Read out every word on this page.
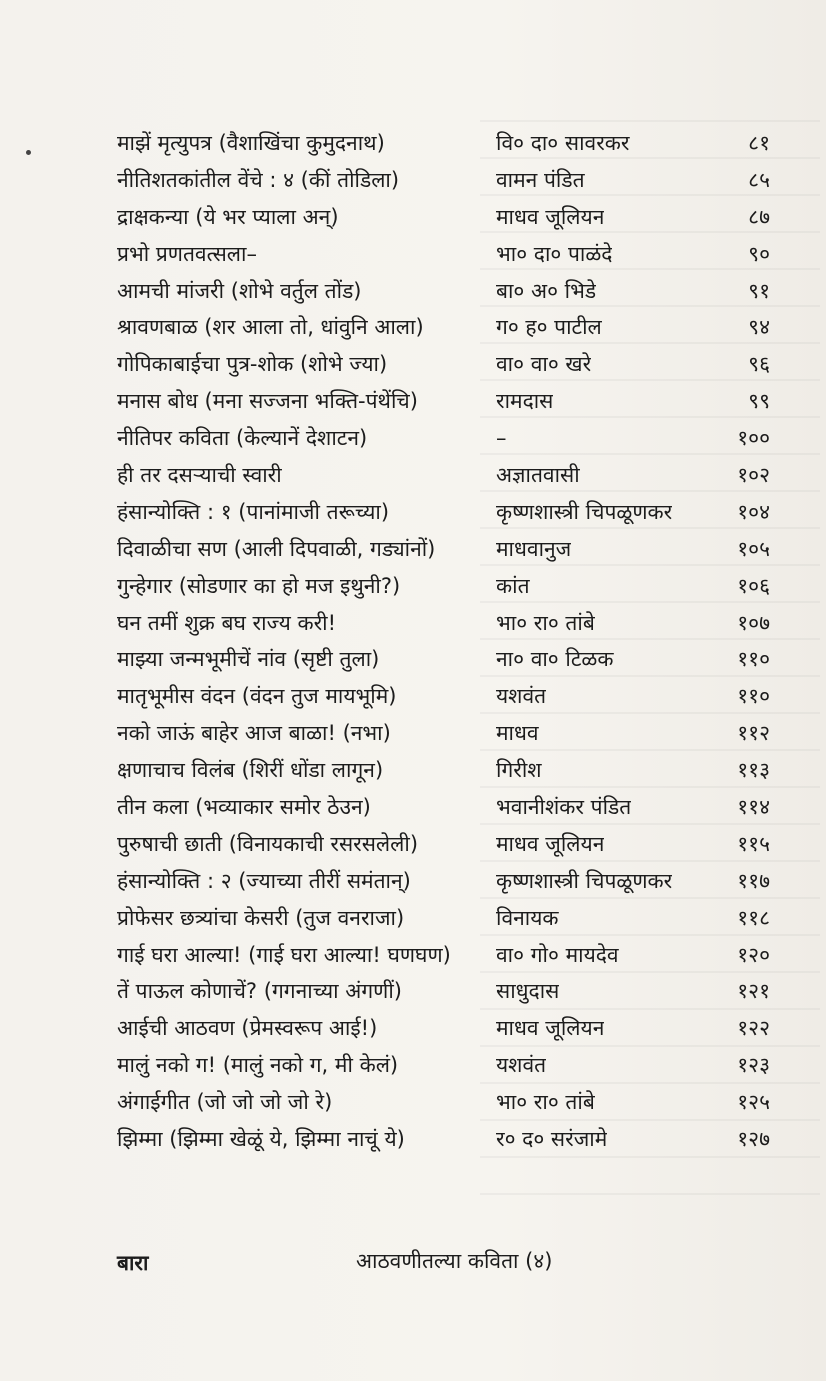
माझें मृत्युपत्र (वैशाखिंचा कुमुदनाथ)	वि० दा० सावरकर	८१
नीतिशतकांतील वेंचे : ४ (कीं तोडिला)	वामन पंडित	८५
द्राक्षकन्या (ये भर प्याला अन्)	माधव जूलियन	८७
प्रभो प्रणतवत्सला–	भा० दा० पाळंदे	९०
आमची मांजरी (शोभे वर्तुल तोंड)	बा० अ० भिडे	९१
श्रावणबाळ (शर आला तो, धांवुनि आला)	ग० ह० पाटील	९४
गोपिकाबाईचा पुत्र-शोक (शोभे ज्या)	वा० वा० खरे	९६
मनास बोध (मना सज्जना भक्ति-पंथेंचि)	रामदास	९९
नीतिपर कविता (केल्यानें देशाटन)	–	१००
ही तर दसऱ्याची स्वारी	अज्ञातवासी	१०२
हंसान्योक्ति : १ (पानांमाजी तरूच्या)	कृष्णशास्त्री चिपळूणकर	१०४
दिवाळीचा सण (आली दिपवाळी, गड्यांनों)	माधवानुज	१०५
गुन्हेगार (सोडणार का हो मज इथुनी?)	कांत	१०६
घन तमीं शुक्र बघ राज्य करी!	भा० रा० तांबे	१०७
माझ्या जन्मभूमीचें नांव (सृष्टी तुला)	ना० वा० टिळक	११०
मातृभूमीस वंदन (वंदन तुज मायभूमि)	यशवंत	११०
नको जाऊं बाहेर आज बाळा! (नभा)	माधव	११२
क्षणाचाच विलंब (शिरीं धोंडा लागून)	गिरीश	११३
तीन कला (भव्याकार समोर ठेउन)	भवानीशंकर पंडित	११४
पुरुषाची छाती (विनायकाची रसरसलेली)	माधव जूलियन	११५
हंसान्योक्ति : २ (ज्याच्या तीरीं समंतान्)	कृष्णशास्त्री चिपळूणकर	११७
प्रोफेसर छत्र्यांचा केसरी (तुज वनराजा)	विनायक	११८
गाई घरा आल्या! (गाई घरा आल्या! घणघण) वा० गो० मायदेव	१२०
तें पाऊल कोणाचें? (गगनाच्या अंगणीं)	साधुदास	१२१
आईची आठवण (प्रेमस्वरूप आई!)	माधव जूलियन	१२२
मालुं नको ग! (मालुं नको ग, मी केलं)	यशवंत	१२३
अंगाईगीत (जो जो जो जो रे)	भा० रा० तांबे	१२५
झिम्मा (झिम्मा खेळूं ये, झिम्मा नाचूं ये)	र० द० सरंजामे	१२७
बारा	आठवणीतल्या कविता (४)
